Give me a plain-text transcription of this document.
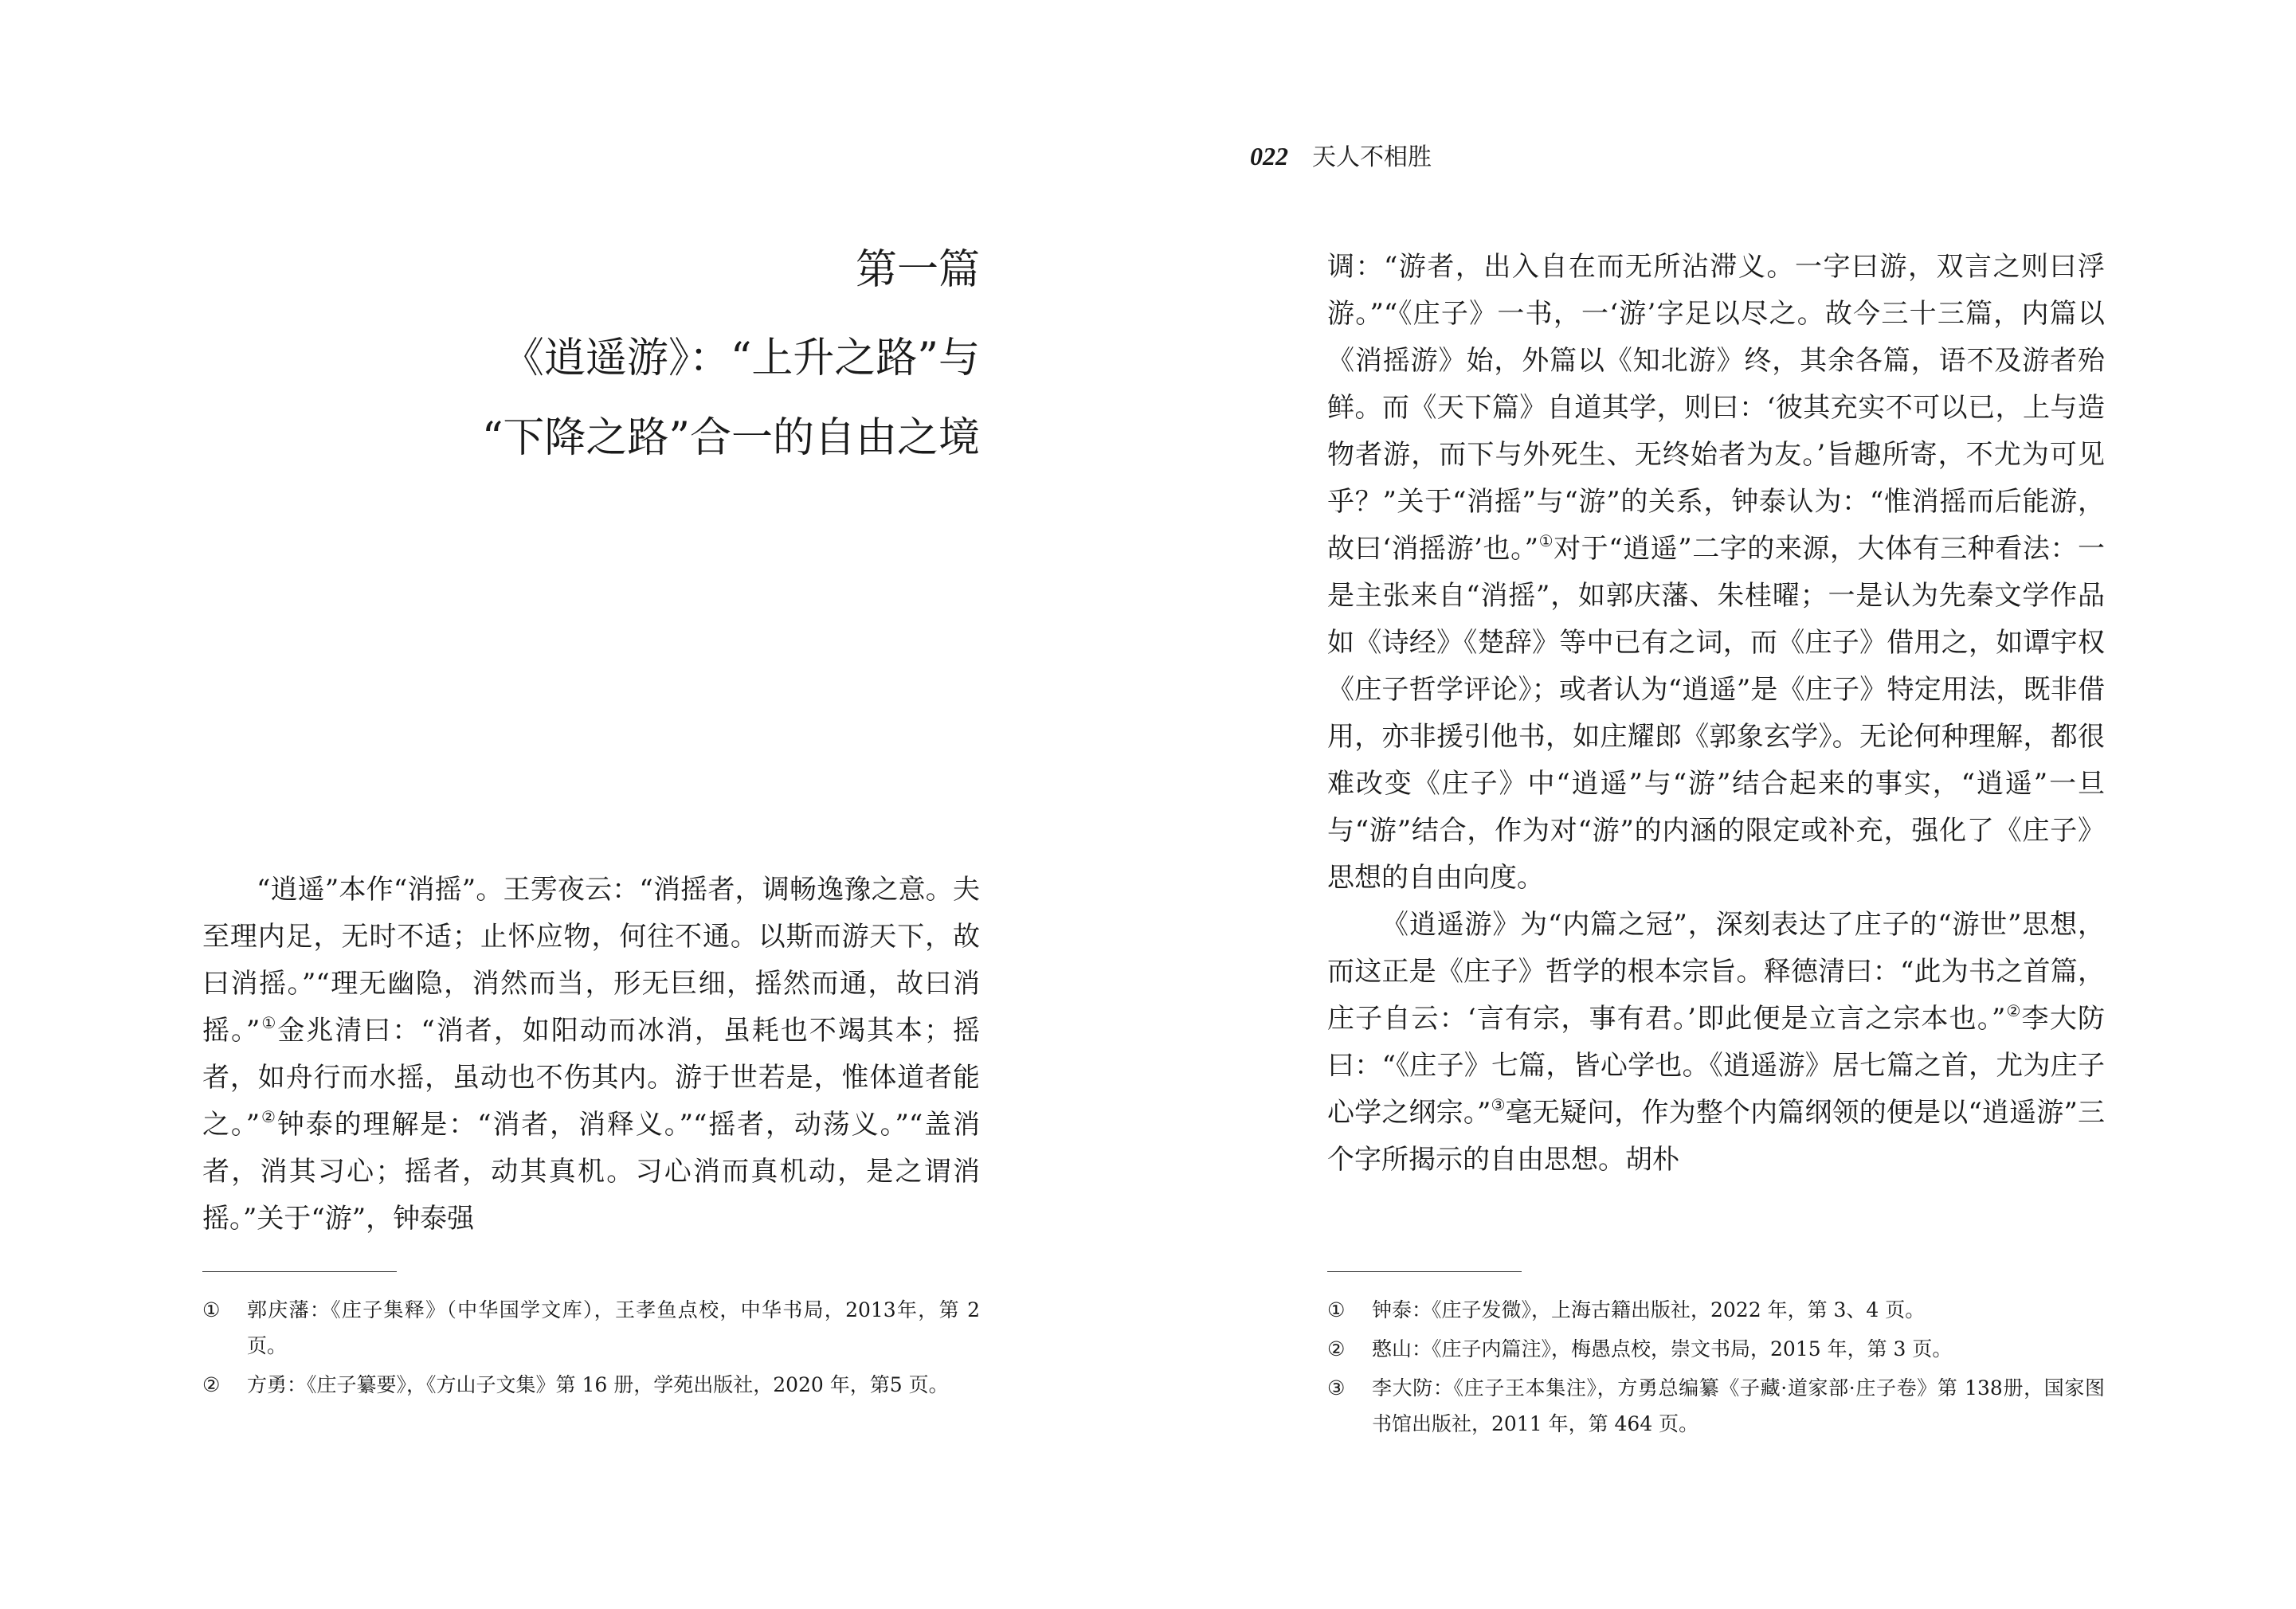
第一篇
《逍遥游》：“上升之路”与
“下降之路”合一的自由之境

“逍遥”本作“消摇”。王雱夜云：“消摇者，调畅逸豫之意。夫至理内足，无时不适；止怀应物，何往不通。以斯而游天下，故曰消摇。”“理无幽隐，消然而当，形无巨细，摇然而通，故曰消摇。”①金兆清曰：“消者，如阳动而冰消，虽耗也不竭其本；摇者，如舟行而水摇，虽动也不伤其内。游于世若是，惟体道者能之。”②钟泰的理解是：“消者，消释义。”“摇者，动荡义。”“盖消者，消其习心；摇者，动其真机。习心消而真机动，是之谓消摇。”关于“游”，钟泰强

① 郭庆藩：《庄子集释》（中华国学文库），王孝鱼点校，中华书局，2013年，第 2 页。
② 方勇：《庄子纂要》，《方山子文集》第 16 册，学苑出版社，2020 年，第5 页。
022 天人不相胜

调：“游者，出入自在而无所沾滞义。一字曰游，双言之则曰浮游。”“《庄子》一书，一‘游’字足以尽之。故今三十三篇，内篇以《消摇游》始，外篇以《知北游》终，其余各篇，语不及游者殆鲜。而《天下篇》自道其学，则曰：‘彼其充实不可以已，上与造物者游，而下与外死生、无终始者为友。’旨趣所寄，不尤为可见乎？”关于“消摇”与“游”的关系，钟泰认为：“惟消摇而后能游，故曰‘消摇游’也。”①对于“逍遥”二字的来源，大体有三种看法：一是主张来自“消摇”，如郭庆藩、朱桂曜；一是认为先秦文学作品如《诗经》《楚辞》等中已有之词，而《庄子》借用之，如谭宇权《庄子哲学评论》；或者认为“逍遥”是《庄子》特定用法，既非借用，亦非援引他书，如庄耀郎《郭象玄学》。无论何种理解，都很难改变《庄子》中“逍遥”与“游”结合起来的事实，“逍遥”一旦与“游”结合，作为对“游”的内涵的限定或补充，强化了《庄子》思想的自由向度。

《逍遥游》为“内篇之冠”，深刻表达了庄子的“游世”思想，而这正是《庄子》哲学的根本宗旨。释德清曰：“此为书之首篇，庄子自云：‘言有宗，事有君。’即此便是立言之宗本也。”②李大防曰：“《庄子》七篇，皆心学也。《逍遥游》居七篇之首，尤为庄子心学之纲宗。”③毫无疑问，作为整个内篇纲领的便是以“逍遥游”三个字所揭示的自由思想。胡朴

① 钟泰：《庄子发微》，上海古籍出版社，2022 年，第 3、4 页。
② 憨山：《庄子内篇注》，梅愚点校，崇文书局，2015 年，第 3 页。
③ 李大防：《庄子王本集注》，方勇总编纂《子藏·道家部·庄子卷》第 138册，国家图书馆出版社，2011 年，第 464 页。
